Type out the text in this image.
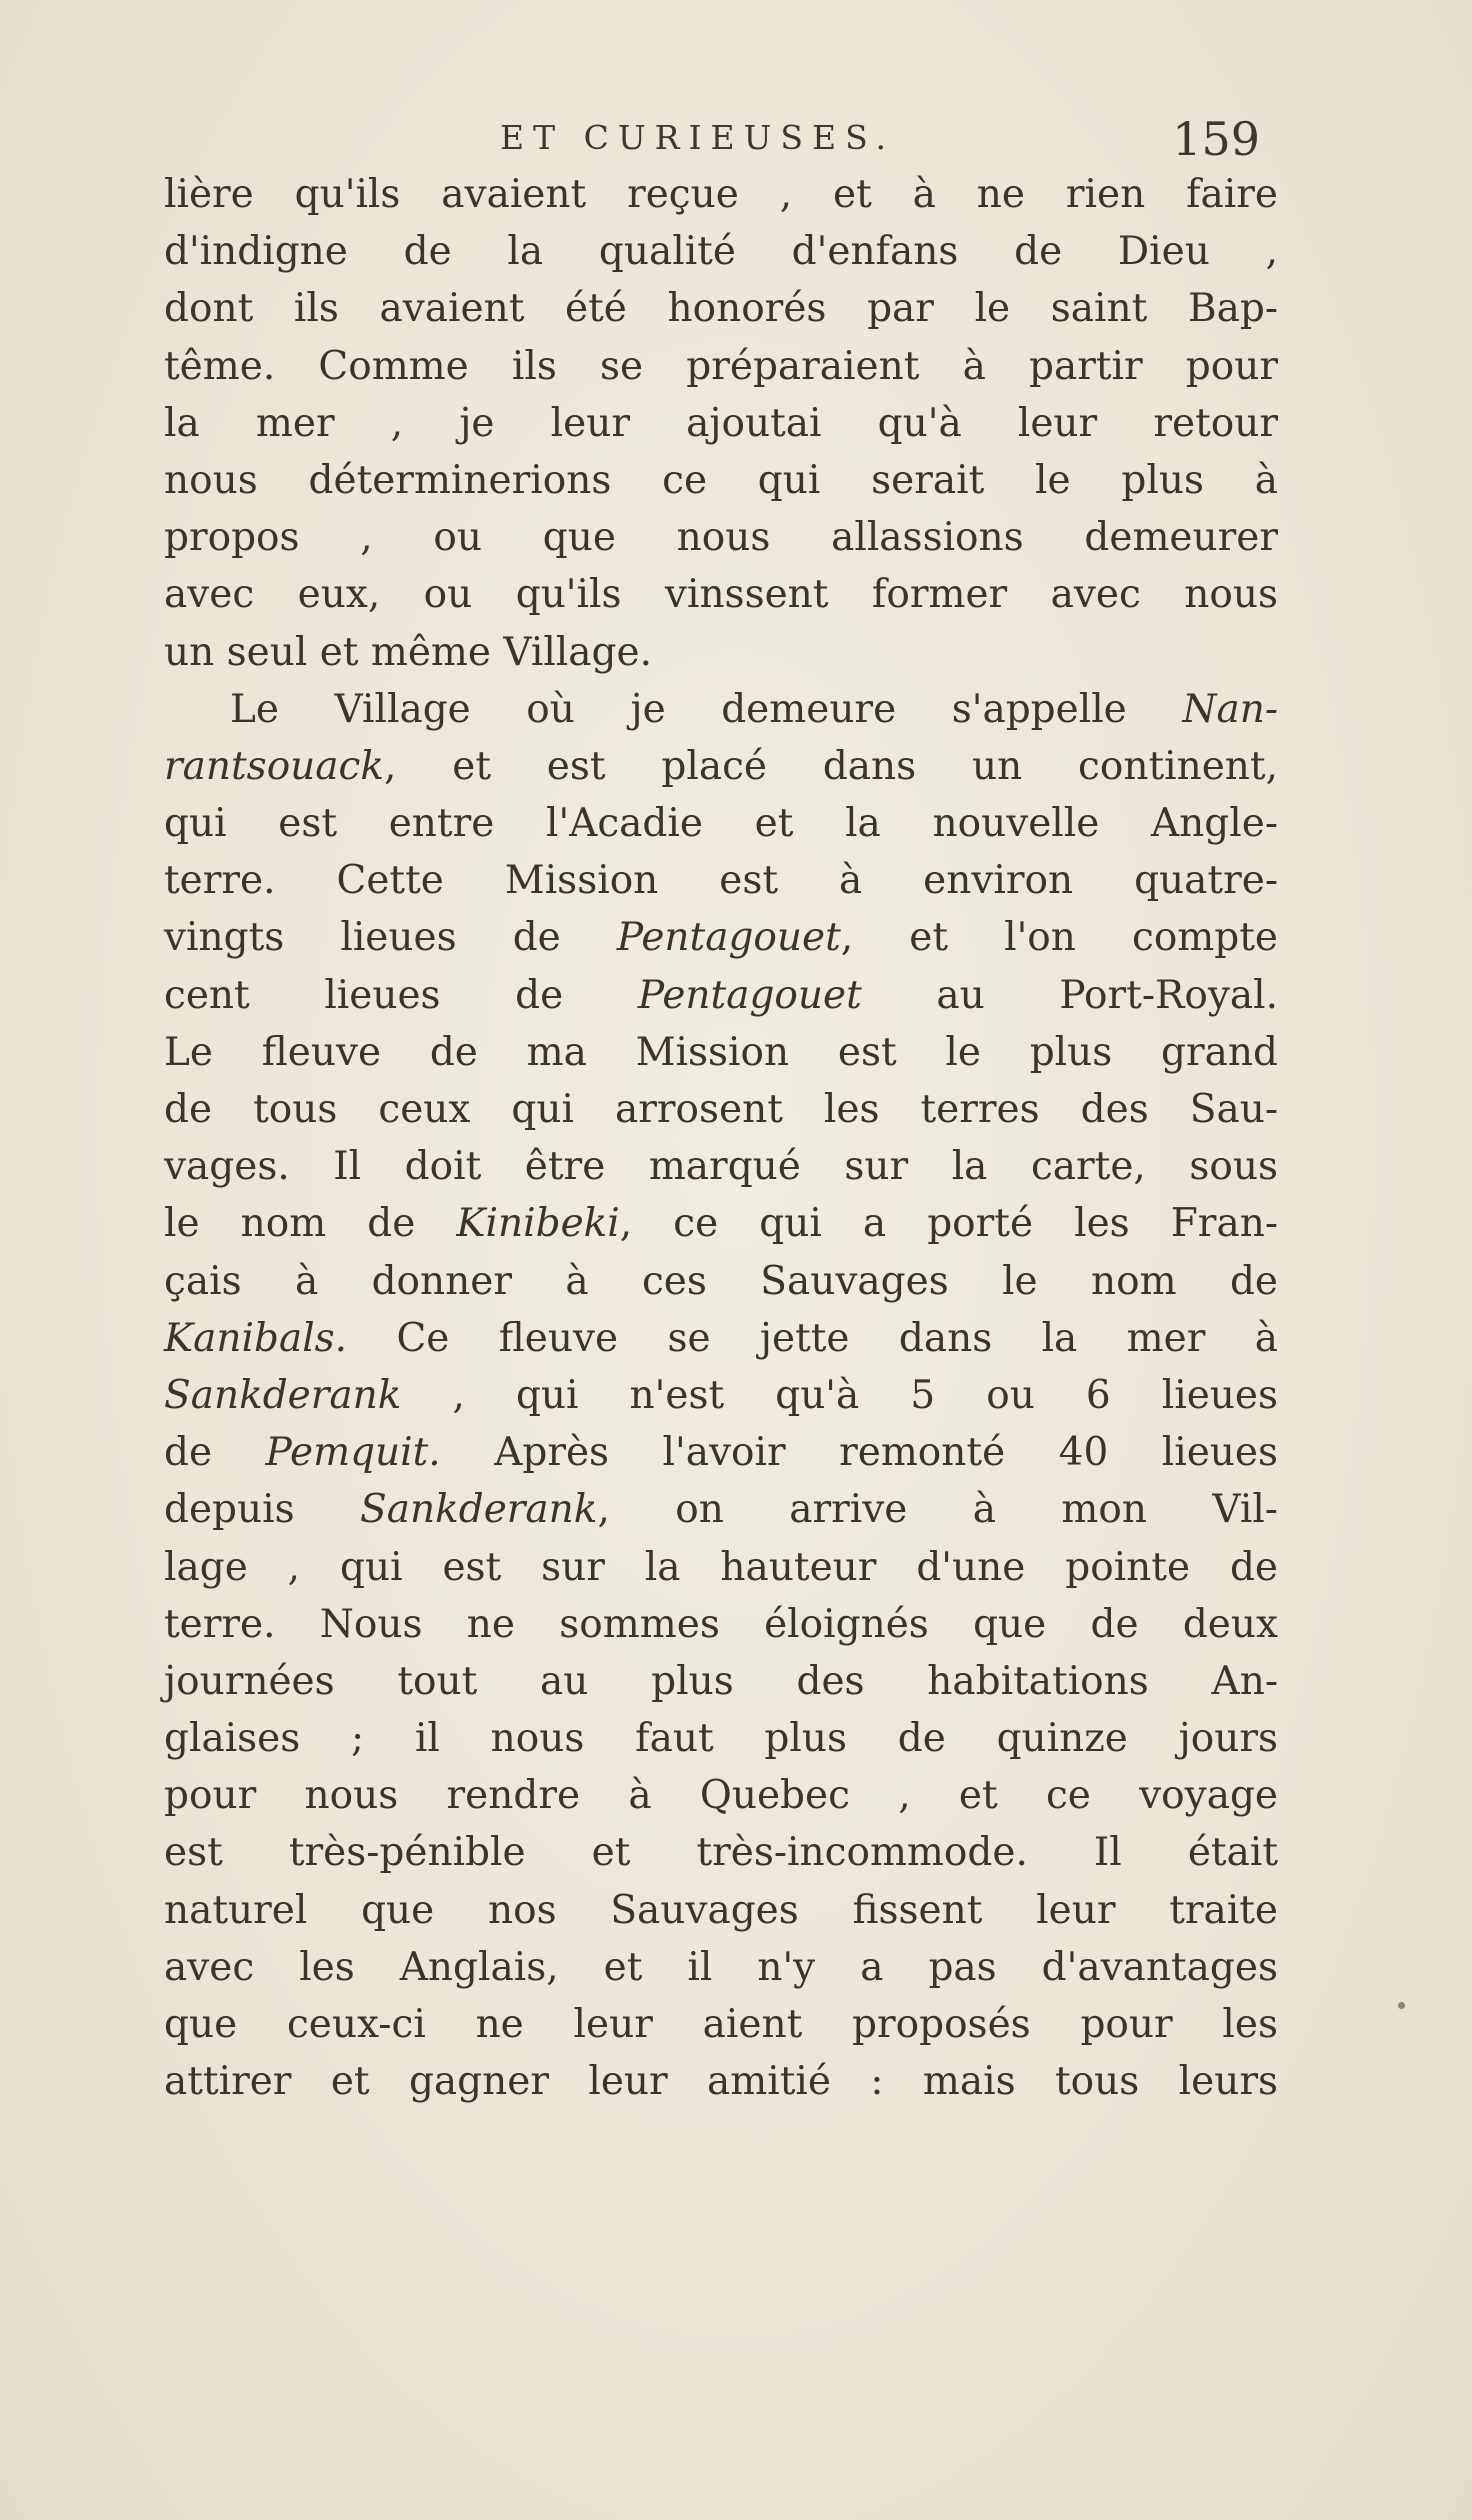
ET CURIEUSES.	159
lière qu'ils avaient reçue , et à ne rien faire
d'indigne de la qualité d'enfans de Dieu ,
dont ils avaient été honorés par le saint Bap-
tême. Comme ils se préparaient à partir pour
la mer , je leur ajoutai qu'à leur retour
nous déterminerions ce qui serait le plus à
propos , ou que nous allassions demeurer
avec eux, ou qu'ils vinssent former avec nous
un seul et même Village.
Le Village où je demeure s'appelle Nan-
rantsouack, et est placé dans un continent,
qui est entre l'Acadie et la nouvelle Angle-
terre. Cette Mission est à environ quatre-
vingts lieues de Pentagouet, et l'on compte
cent lieues de Pentagouet au Port-Royal.
Le fleuve de ma Mission est le plus grand
de tous ceux qui arrosent les terres des Sau-
vages. Il doit être marqué sur la carte, sous
le nom de Kinibeki, ce qui a porté les Fran-
çais à donner à ces Sauvages le nom de
Kanibals. Ce fleuve se jette dans la mer à
Sankderank , qui n'est qu'à 5 ou 6 lieues
de Pemquit. Après l'avoir remonté 40 lieues
depuis Sankderank, on arrive à mon Vil-
lage , qui est sur la hauteur d'une pointe de
terre. Nous ne sommes éloignés que de deux
journées tout au plus des habitations An-
glaises ; il nous faut plus de quinze jours
pour nous rendre à Quebec , et ce voyage
est très-pénible et très-incommode. Il était
naturel que nos Sauvages fissent leur traite
avec les Anglais, et il n'y a pas d'avantages
que ceux-ci ne leur aient proposés pour les
attirer et gagner leur amitié : mais tous leurs
